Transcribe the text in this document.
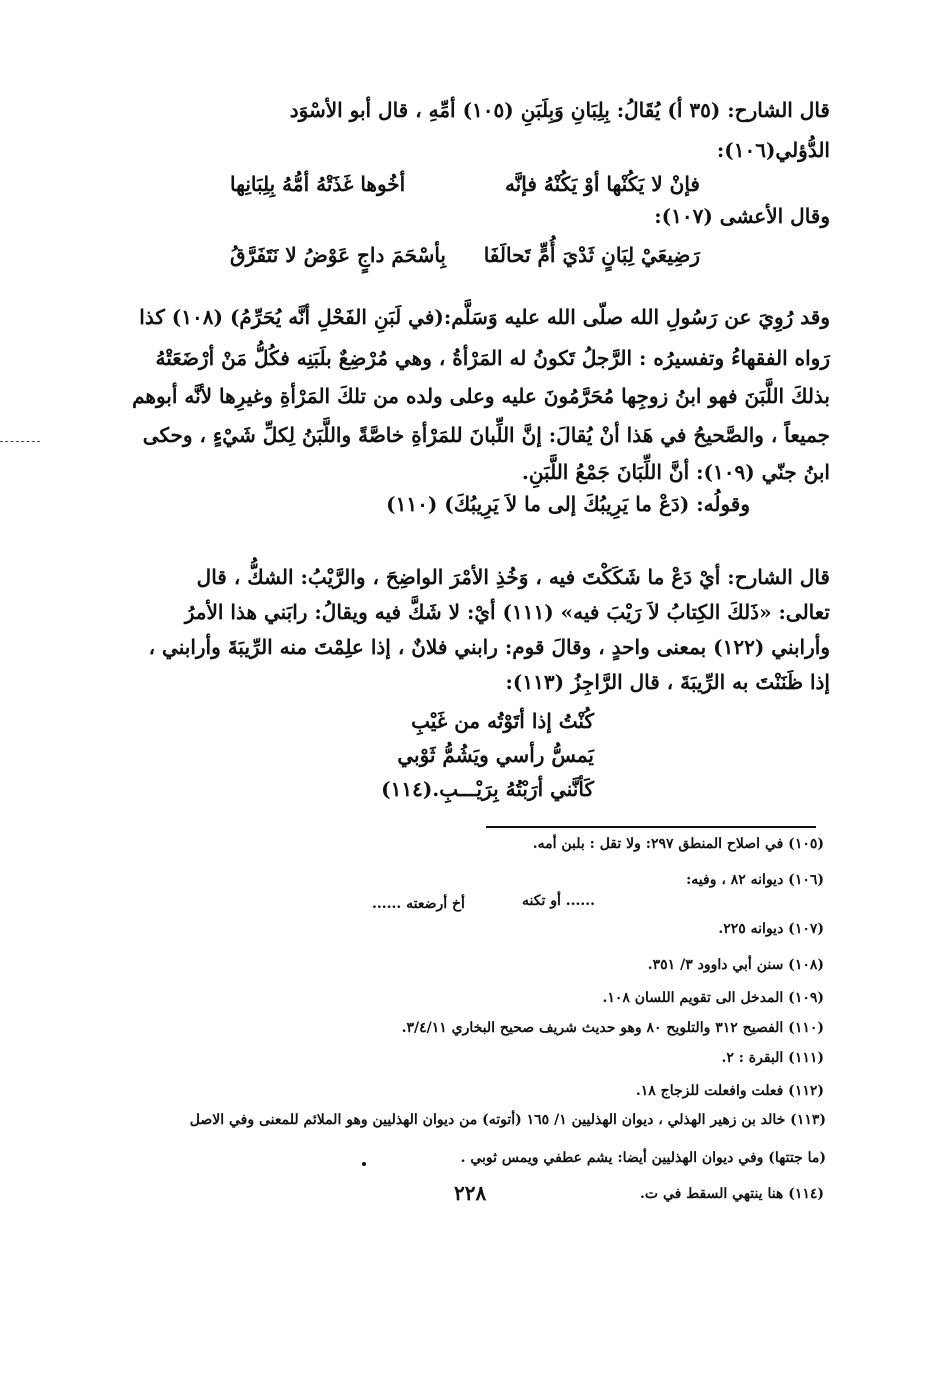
قال الشارح: (٣٥ أ) يُقَالُ: بِلِبَانِ وَبِلَبَنِ (١٠٥) أمِّهِ ، قال أبو الأسْوَد
الدُّؤلي(١٠٦):
فإنْ لا يَكُنْها أوْ يَكُنْهُ فإنَّه
أخُوها غَذَتْهُ أمُّهُ بِلِبَانِها
وقال الأعشى (١٠٧):
رَضِيعَيْ لِبَانٍ ثَدْيَ أُمٍّ تَحالَفَا
بِأسْحَمَ داجٍ عَوْضُ لا نَتَفَرَّقُ
وقد رُوِيَ عن رَسُولِ الله صلّى الله عليه وَسَلَّم:(في لَبَنِ الفَحْلِ أنَّه يُحَرِّمُ) (١٠٨) كذا
رَواه الفقهاءُ وتفسيرُه : الرَّجلُ تَكونُ له المَرْأةُ ، وهي مُرْضِعٌ بلَبَنِه فكُلُّ مَنْ أرْضَعَتْهُ
بذلكَ اللَّبَنَ فهو ابنُ زوجِها مُحَرَّمُونَ عليه وعلى ولده من تلكَ المَرْأةِ وغيرِها لأنَّه أبوهم
جميعاً ، والصَّحيحُ في هَذا أنْ يُقالَ: إنَّ اللِّبانَ للمَرْأةِ خاصَّةً واللَّبَنُ لِكلِّ شَيْءٍ ، وحكى
ابنُ جنّي (١٠٩): أنَّ اللِّبَانَ جَمْعُ اللَّبَنِ.
وقولُه: (دَعْ ما يَرِيبُكَ إلى ما لاَ يَرِيبُكَ) (١١٠)
قال الشارح: أيْ دَعْ ما شَكَكْتَ فيه ، وَخُذِ الأمْرَ الواضِحَ ، والرَّيْبُ: الشكُّ ، قال
تعالى: «ذَلكَ الكِتابُ لاَ رَيْبَ فيه» (١١١) أيْ: لا شَكَّ فيه ويقالُ: رابَني هذا الأمرُ
وأرابني (١٢٢) بمعنى واحدٍ ، وقالَ قوم: رابني فلانٌ ، إذا علِمْتَ منه الرِّيبَةَ وأرابني ،
إذا ظَنَنْتَ به الرِّيبَةَ ، قال الرَّاجِزُ (١١٣):
كُنْتُ إذا أتَوْتُه من غَيْبِ
يَمسُّ رأسي ويَشُمُّ ثَوْبي
كَأنَّني أرَبْتُهُ بِرَيْـــبِ.(١١٤)
(١٠٥) في اصلاح المنطق ٢٩٧: ولا تقل : بلبن أمه.
(١٠٦) ديوانه ٨٢ ، وفيه:
...... أو تكنه
أخ أرضعته ......
(١٠٧) ديوانه ٢٢٥.
(١٠٨) سنن أبي داوود ٣/ ٣٥١.
(١٠٩) المدخل الى تقويم اللسان ١٠٨.
(١١٠) الفصيح ٣١٢ والتلويح ٨٠ وهو حديث شريف صحيح البخاري ٣/٤/١١.
(١١١) البقرة : ٢.
(١١٢) فعلت وافعلت للزجاج ١٨.
(١١٣) خالد بن زهير الهذلي ، ديوان الهذليين ١/ ١٦٥ (أتوته) من ديوان الهذليين وهو الملائم للمعنى وفي الاصل
(ما جتتها) وفي ديوان الهذليين أيضا: يشم عطفي ويمس ثوبي .
(١١٤) هنا ينتهي السقط في ت.
٢٢٨
